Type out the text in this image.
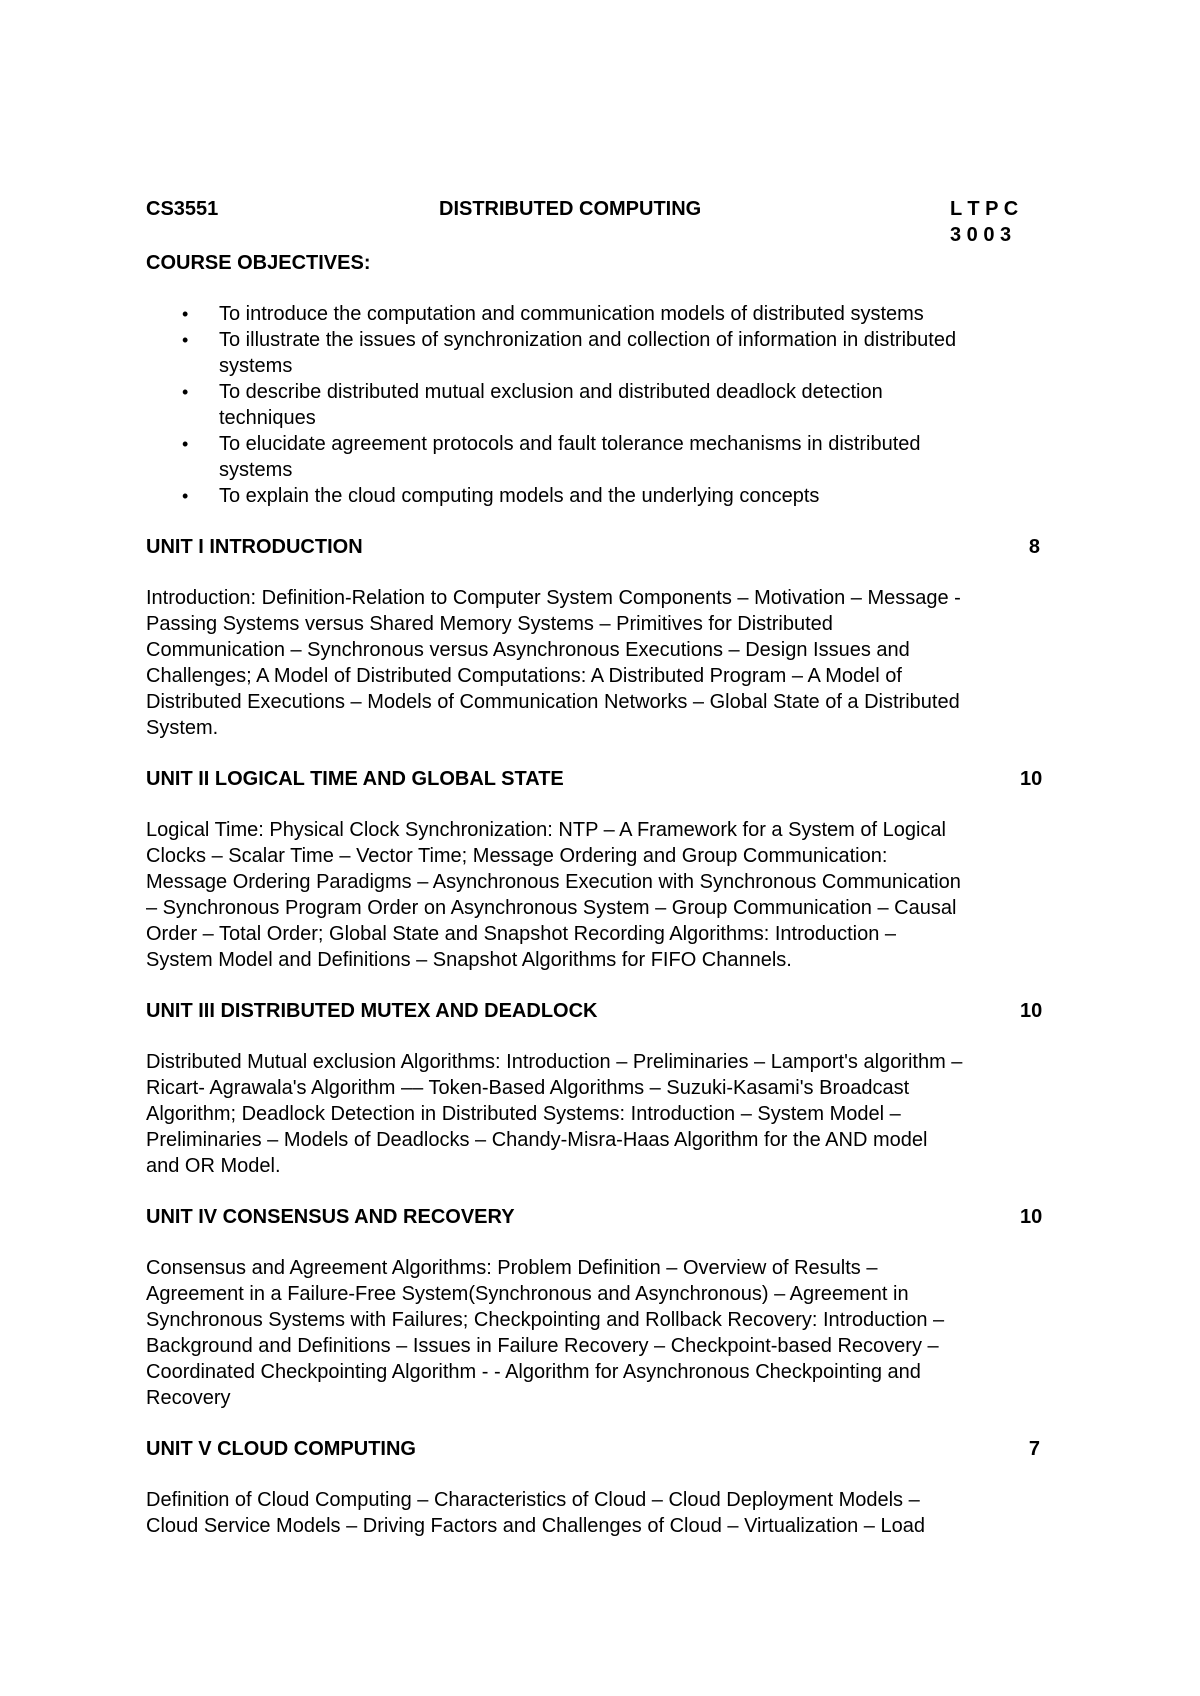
CS3551	DISTRIBUTED COMPUTING	L T P C
3 0 0 3
COURSE OBJECTIVES:
• To introduce the computation and communication models of distributed systems
• To illustrate the issues of synchronization and collection of information in distributed
systems
• To describe distributed mutual exclusion and distributed deadlock detection
techniques
• To elucidate agreement protocols and fault tolerance mechanisms in distributed
systems
• To explain the cloud computing models and the underlying concepts
UNIT I INTRODUCTION	8
Introduction: Definition-Relation to Computer System Components – Motivation – Message -
Passing Systems versus Shared Memory Systems – Primitives for Distributed
Communication – Synchronous versus Asynchronous Executions – Design Issues and
Challenges; A Model of Distributed Computations: A Distributed Program – A Model of
Distributed Executions – Models of Communication Networks – Global State of a Distributed
System.
UNIT II LOGICAL TIME AND GLOBAL STATE	10
Logical Time: Physical Clock Synchronization: NTP – A Framework for a System of Logical
Clocks – Scalar Time – Vector Time; Message Ordering and Group Communication:
Message Ordering Paradigms – Asynchronous Execution with Synchronous Communication
– Synchronous Program Order on Asynchronous System – Group Communication – Causal
Order – Total Order; Global State and Snapshot Recording Algorithms: Introduction –
System Model and Definitions – Snapshot Algorithms for FIFO Channels.
UNIT III DISTRIBUTED MUTEX AND DEADLOCK	10
Distributed Mutual exclusion Algorithms: Introduction – Preliminaries – Lamport's algorithm –
Ricart- Agrawala's Algorithm –– Token-Based Algorithms – Suzuki-Kasami's Broadcast
Algorithm; Deadlock Detection in Distributed Systems: Introduction – System Model –
Preliminaries – Models of Deadlocks – Chandy-Misra-Haas Algorithm for the AND model
and OR Model.
UNIT IV CONSENSUS AND RECOVERY	10
Consensus and Agreement Algorithms: Problem Definition – Overview of Results –
Agreement in a Failure-Free System(Synchronous and Asynchronous) – Agreement in
Synchronous Systems with Failures; Checkpointing and Rollback Recovery: Introduction –
Background and Definitions – Issues in Failure Recovery – Checkpoint-based Recovery –
Coordinated Checkpointing Algorithm - - Algorithm for Asynchronous Checkpointing and
Recovery
UNIT V CLOUD COMPUTING	7
Definition of Cloud Computing – Characteristics of Cloud – Cloud Deployment Models –
Cloud Service Models – Driving Factors and Challenges of Cloud – Virtualization – Load
